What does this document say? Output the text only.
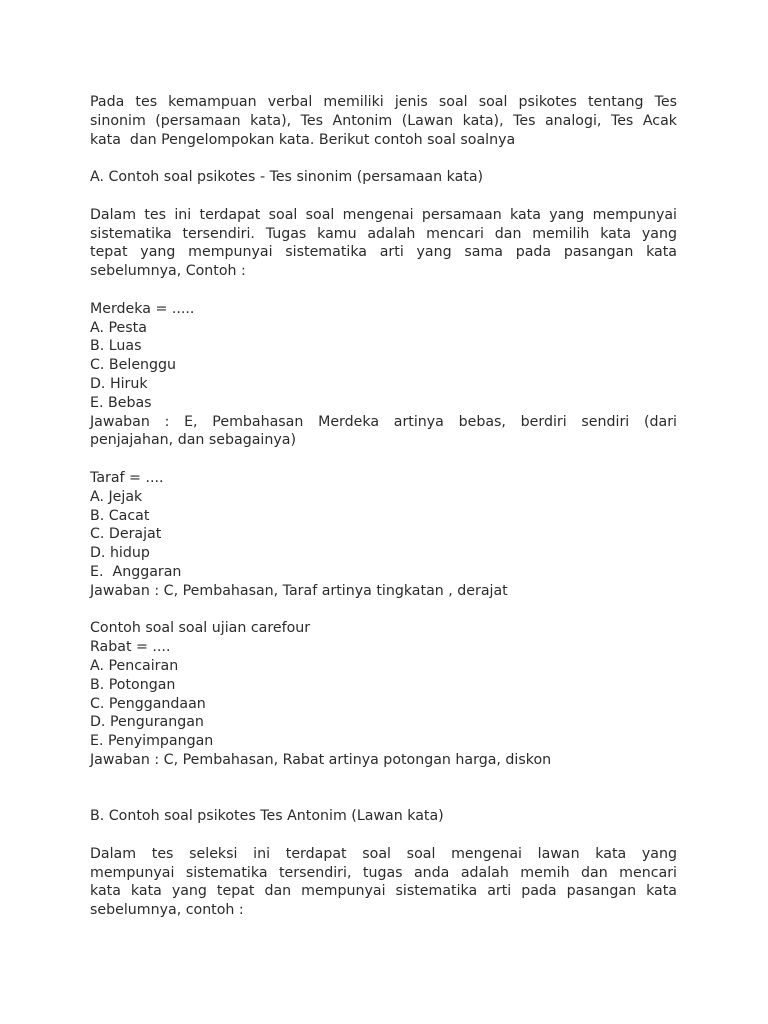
Pada tes kemampuan verbal memiliki jenis soal soal psikotes tentang Tes
sinonim (persamaan kata), Tes Antonim (Lawan kata), Tes analogi, Tes Acak
kata  dan Pengelompokan kata. Berikut contoh soal soalnya
A. Contoh soal psikotes - Tes sinonim (persamaan kata)
Dalam tes ini terdapat soal soal mengenai persamaan kata yang mempunyai
sistematika tersendiri. Tugas kamu adalah mencari dan memilih kata yang
tepat yang mempunyai sistematika arti yang sama pada pasangan kata
sebelumnya, Contoh :
Merdeka = .....
A. Pesta
B. Luas
C. Belenggu
D. Hiruk
E. Bebas
Jawaban : E, Pembahasan Merdeka artinya bebas, berdiri sendiri (dari
penjajahan, dan sebagainya)
Taraf = ....
A. Jejak
B. Cacat
C. Derajat
D. hidup
E.  Anggaran
Jawaban : C, Pembahasan, Taraf artinya tingkatan , derajat
Contoh soal soal ujian carefour
Rabat = ....
A. Pencairan
B. Potongan
C. Penggandaan
D. Pengurangan
E. Penyimpangan
Jawaban : C, Pembahasan, Rabat artinya potongan harga, diskon
B. Contoh soal psikotes Tes Antonim (Lawan kata)
Dalam tes seleksi ini terdapat soal soal mengenai lawan kata yang
mempunyai sistematika tersendiri, tugas anda adalah memih dan mencari
kata kata yang tepat dan mempunyai sistematika arti pada pasangan kata
sebelumnya, contoh :
